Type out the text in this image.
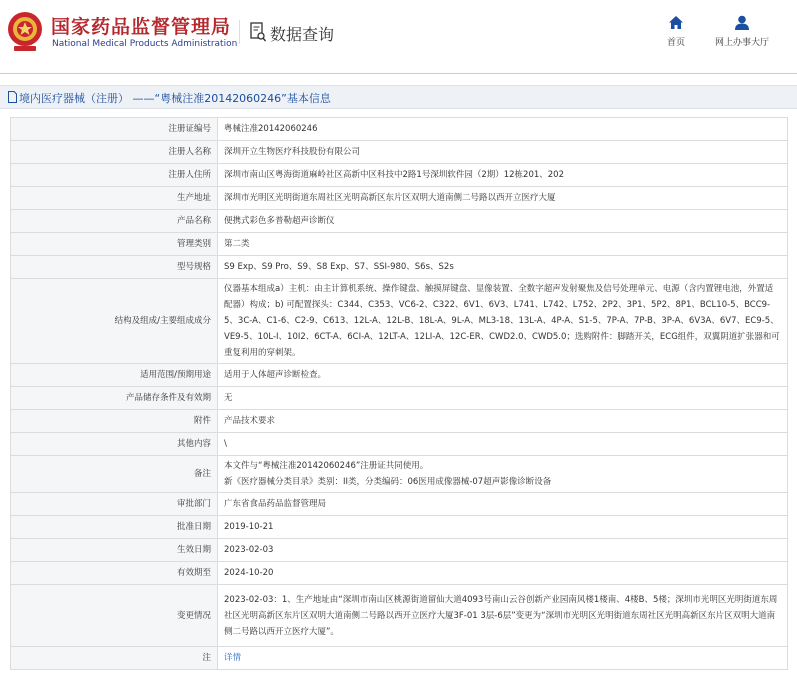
国家药品监督管理局
National Medical Products Administration 数据查询	首页	网上办事大厅
境内医疗器械（注册） ——“粤械注准20142060246”基本信息
注册证编号	粤械注准20142060246
注册人名称	深圳开立生物医疗科技股份有限公司
注册人住所	深圳市南山区粤海街道麻岭社区高新中区科技中2路1号深圳软件园（2期）12栋201、202
生产地址	深圳市光明区光明街道东周社区光明高新区东片区双明大道南侧二号路以西开立医疗大厦
产品名称	便携式彩色多普勒超声诊断仪
管理类别	第二类
型号规格	S9 Exp、S9 Pro、S9、S8 Exp、S7、SSI-980、S6s、S2s
结构及组成/主要组成成分	仪器基本组成a）主机：由主计算机系统、操作键盘、触摸屏键盘、显像装置、全数字超声发射聚焦及信号处理单元、电源（含内置锂电池，外置适配器）构成；b) 可配置探头：C344、C353、VC6-2、C322、6V1、6V3、L741、L742、L752、2P2、3P1、5P2、8P1、BCL10-5、BCC9-5、3C-A、C1-6、C2-9、C613、12L-A、12L-B、18L-A、9L-A、ML3-18、13L-A、4P-A、S1-5、7P-A、7P-B、3P-A、6V3A、6V7、EC9-5、VE9-5、10L-I、10I2、6CT-A、6CI-A、12LT-A、12LI-A、12C-ER、CWD2.0、CWD5.0；选购附件：脚踏开关，ECG组件，双翼阴道扩张器和可重复利用的穿刺架。
适用范围/预期用途	适用于人体超声诊断检查。
产品储存条件及有效期	无
附件	产品技术要求
其他内容	\
备注	本文件与“粤械注准20142060246”注册证共同使用。
新《医疗器械分类目录》类别：II类，分类编码：06医用成像器械-07超声影像诊断设备

审批部门	广东省食品药品监督管理局
批准日期	2019-10-21
生效日期	2023-02-03
有效期至	2024-10-20
变更情况	2023-02-03：1、生产地址由“深圳市南山区桃源街道留仙大道4093号南山云谷创新产业园南风楼1楼南、4楼B、5楼；深圳市光明区光明街道东周社区光明高新区东片区双明大道南侧二号路以西开立医疗大厦3F-01 3层-6层”变更为“深圳市光明区光明街道东周社区光明高新区东片区双明大道南侧二号路以西开立医疗大厦”。
注	详情
